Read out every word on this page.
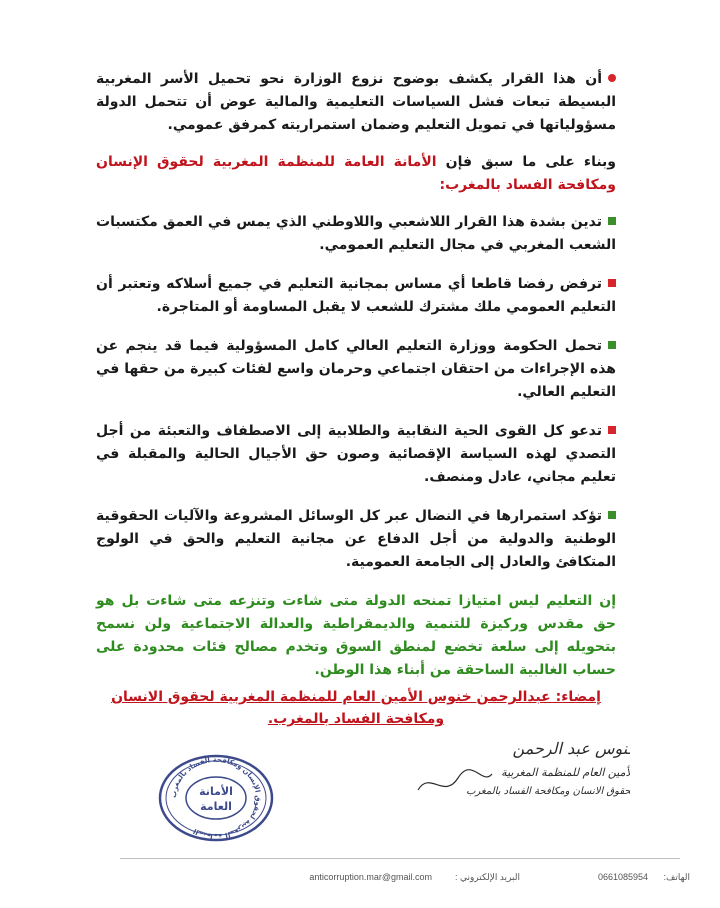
أن هذا القرار يكشف بوضوح نزوع الوزارة نحو تحميل الأسر المغربية البسيطة تبعات فشل السياسات التعليمية والمالية عوض أن تتحمل الدولة مسؤولياتها في تمويل التعليم وضمان استمراريته كمرفق عمومي.

وبناء على ما سبق فإن الأمانة العامة للمنظمة المغربية لحقوق الإنسان ومكافحة الفساد بالمغرب:

تدين بشدة هذا القرار اللاشعبي واللاوطني الذي يمس في العمق مكتسبات الشعب المغربي في مجال التعليم العمومي.

ترفض رفضا قاطعا أي مساس بمجانية التعليم في جميع أسلاكه وتعتبر أن التعليم العمومي ملك مشترك للشعب لا يقبل المساومة أو المتاجرة.

تحمل الحكومة ووزارة التعليم العالي كامل المسؤولية فيما قد ينجم عن هذه الإجراءات من احتقان اجتماعي وحرمان واسع لفئات كبيرة من حقها في التعليم العالي.

تدعو كل القوى الحية النقابية والطلابية إلى الاصطفاف والتعبئة من أجل التصدي لهذه السياسة الإقصائية وصون حق الأجيال الحالية والمقبلة في تعليم مجاني، عادل ومنصف.

تؤكد استمرارها في النضال عبر كل الوسائل المشروعة والآليات الحقوقية الوطنية والدولية من أجل الدفاع عن مجانية التعليم والحق في الولوج المتكافئ والعادل إلى الجامعة العمومية.

إن التعليم ليس امتيازا تمنحه الدولة متى شاءت وتنزعه متى شاءت بل هو حق مقدس وركيزة للتنمية والديمقراطية والعدالة الاجتماعية ولن نسمح بتحويله إلى سلعة تخضع لمنطق السوق وتخدم مصالح فئات محدودة على حساب الغالبية الساحقة من أبناء هذا الوطن.

إمضاء: عبدالرحمن خنوس الأمين العام للمنظمة المغربية لحقوق الانسان ومكافحة الفساد بالمغرب.

المنظمة المغربية لحقوق الإنسان ومكافحة الفساد بالمغرب
الأمانة
العامة
خنوس عبد الرحمن
الأمين العام للمنظمة المغربية
لحقوق الانسان ومكافحة الفساد بالمغرب
الهاتف:
0661085954
البريد الإلكتروني :
anticorruption.mar@gmail.com
